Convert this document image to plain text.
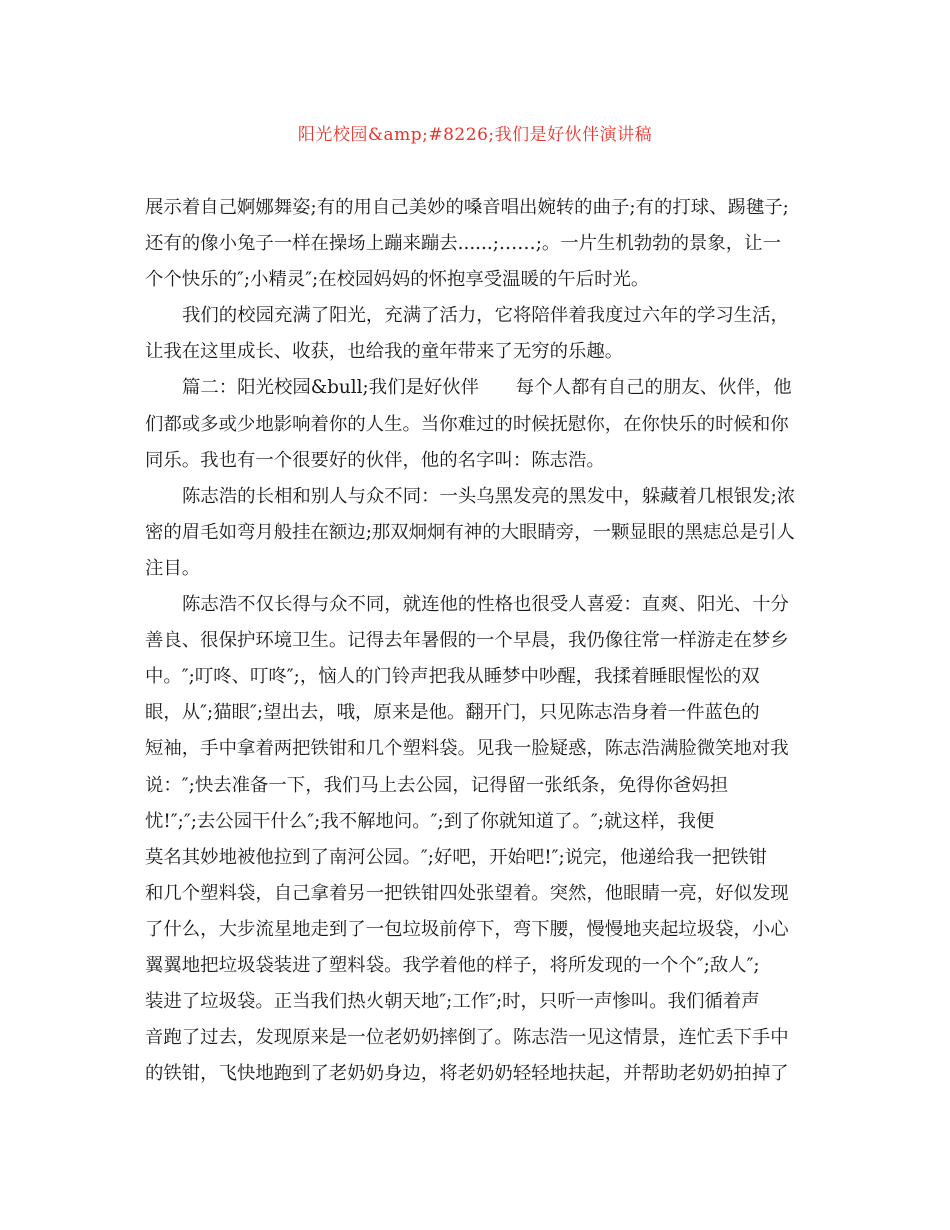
阳光校园&amp;#8226;我们是好伙伴演讲稿
展示着自己婀娜舞姿;有的用自己美妙的嗓音唱出婉转的曲子;有的打球、踢毽子;
还有的像小兔子一样在操场上蹦来蹦去......;……;。一片生机勃勃的景象，让一
个个快乐的″;小精灵″;在校园妈妈的怀抱享受温暖的午后时光。
我们的校园充满了阳光，充满了活力，它将陪伴着我度过六年的学习生活，
让我在这里成长、收获，也给我的童年带来了无穷的乐趣。
篇二：阳光校园&bull;我们是好伙伴　　每个人都有自己的朋友、伙伴，他
们都或多或少地影响着你的人生。当你难过的时候抚慰你，在你快乐的时候和你
同乐。我也有一个很要好的伙伴，他的名字叫：陈志浩。
陈志浩的长相和别人与众不同：一头乌黑发亮的黑发中，躲藏着几根银发;浓
密的眉毛如弯月般挂在额边;那双炯炯有神的大眼睛旁，一颗显眼的黑痣总是引人
注目。
陈志浩不仅长得与众不同，就连他的性格也很受人喜爱：直爽、阳光、十分
善良、很保护环境卫生。记得去年暑假的一个早晨，我仍像往常一样游走在梦乡
中。″;叮咚、叮咚″;，恼人的门铃声把我从睡梦中吵醒，我揉着睡眼惺忪的双
眼，从″;猫眼″;望出去，哦，原来是他。翻开门，只见陈志浩身着一件蓝色的
短袖，手中拿着两把铁钳和几个塑料袋。见我一脸疑惑，陈志浩满脸微笑地对我
说：″;快去准备一下，我们马上去公园，记得留一张纸条，免得你爸妈担
忧!″;″;去公园干什么″;我不解地问。″;到了你就知道了。″;就这样，我便
莫名其妙地被他拉到了南河公园。″;好吧，开始吧!″;说完，他递给我一把铁钳
和几个塑料袋，自己拿着另一把铁钳四处张望着。突然，他眼睛一亮，好似发现
了什么，大步流星地走到了一包垃圾前停下，弯下腰，慢慢地夹起垃圾袋，小心
翼翼地把垃圾袋装进了塑料袋。我学着他的样子，将所发现的一个个″;敌人″;
装进了垃圾袋。正当我们热火朝天地″;工作″;时，只听一声惨叫。我们循着声
音跑了过去，发现原来是一位老奶奶摔倒了。陈志浩一见这情景，连忙丢下手中
的铁钳，飞快地跑到了老奶奶身边，将老奶奶轻轻地扶起，并帮助老奶奶拍掉了
